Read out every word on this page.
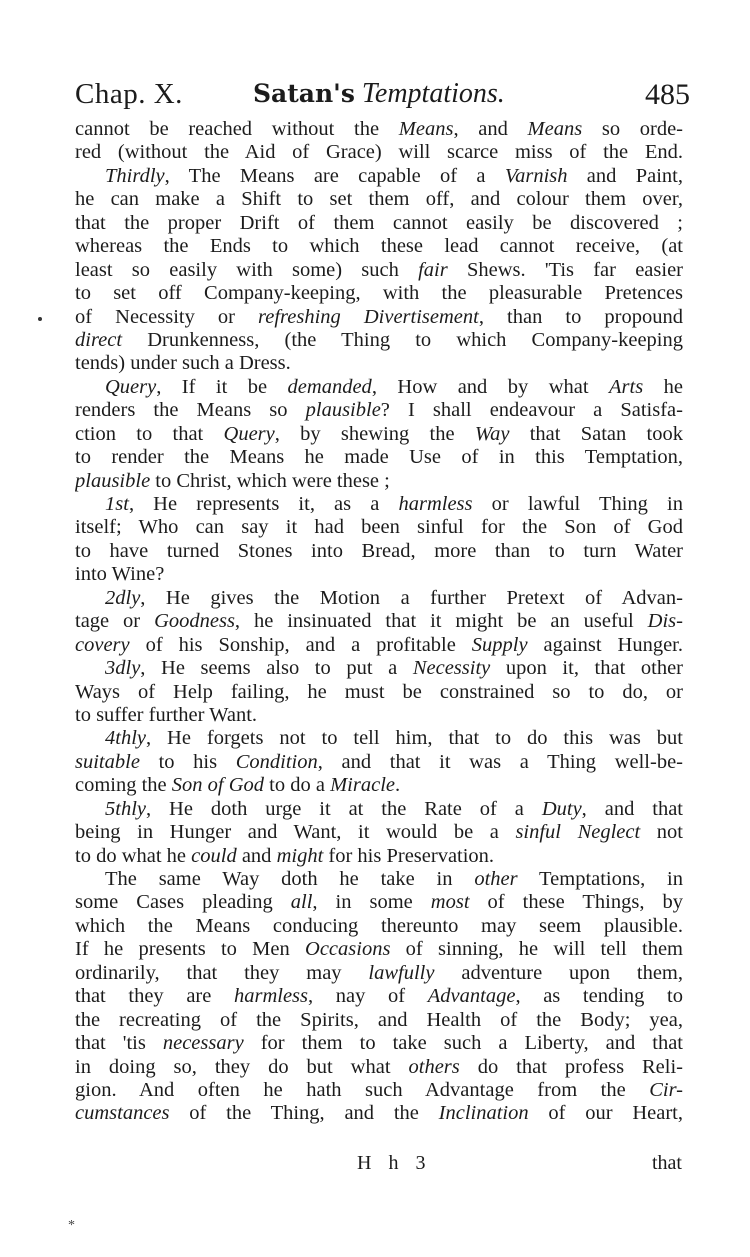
Chap. X.	Satan's Temptations.	485
cannot be reached without the Means, and Means so orde-
red (without the Aid of Grace) will scarce miss of the End.
Thirdly, The Means are capable of a Varnish and Paint,
he can make a Shift to set them off, and colour them over,
that the proper Drift of them cannot easily be discovered ;
whereas the Ends to which these lead cannot receive, (at
least so easily with some) such fair Shews. 'Tis far easier
to set off Company-keeping, with the pleasurable Pretences
of Necessity or refreshing Divertisement, than to propound
direct Drunkenness, (the Thing to which Company-keeping
tends) under such a Dress.
Query, If it be demanded, How and by what Arts he
renders the Means so plausible? I shall endeavour a Satisfa-
ction to that Query, by shewing the Way that Satan took
to render the Means he made Use of in this Temptation,
plausible to Christ, which were these ;
1st, He represents it, as a harmless or lawful Thing in
itself; Who can say it had been sinful for the Son of God
to have turned Stones into Bread, more than to turn Water
into Wine?
2dly, He gives the Motion a further Pretext of Advan-
tage or Goodness, he insinuated that it might be an useful Dis-
covery of his Sonship, and a profitable Supply against Hunger.
3dly, He seems also to put a Necessity upon it, that other
Ways of Help failing, he must be constrained so to do, or
to suffer further Want.
4thly, He forgets not to tell him, that to do this was but
suitable to his Condition, and that it was a Thing well-be-
coming the Son of God to do a Miracle.
5thly, He doth urge it at the Rate of a Duty, and that
being in Hunger and Want, it would be a sinful Neglect not
to do what he could and might for his Preservation.
The same Way doth he take in other Temptations, in
some Cases pleading all, in some most of these Things, by
which the Means conducing thereunto may seem plausible.
If he presents to Men Occasions of sinning, he will tell them
ordinarily, that they may lawfully adventure upon them,
that they are harmless, nay of Advantage, as tending to
the recreating of the Spirits, and Health of the Body; yea,
that 'tis necessary for them to take such a Liberty, and that
in doing so, they do but what others do that profess Reli-
gion. And often he hath such Advantage from the Cir-
cumstances of the Thing, and the Inclination of our Heart,
H h 3	that
*
